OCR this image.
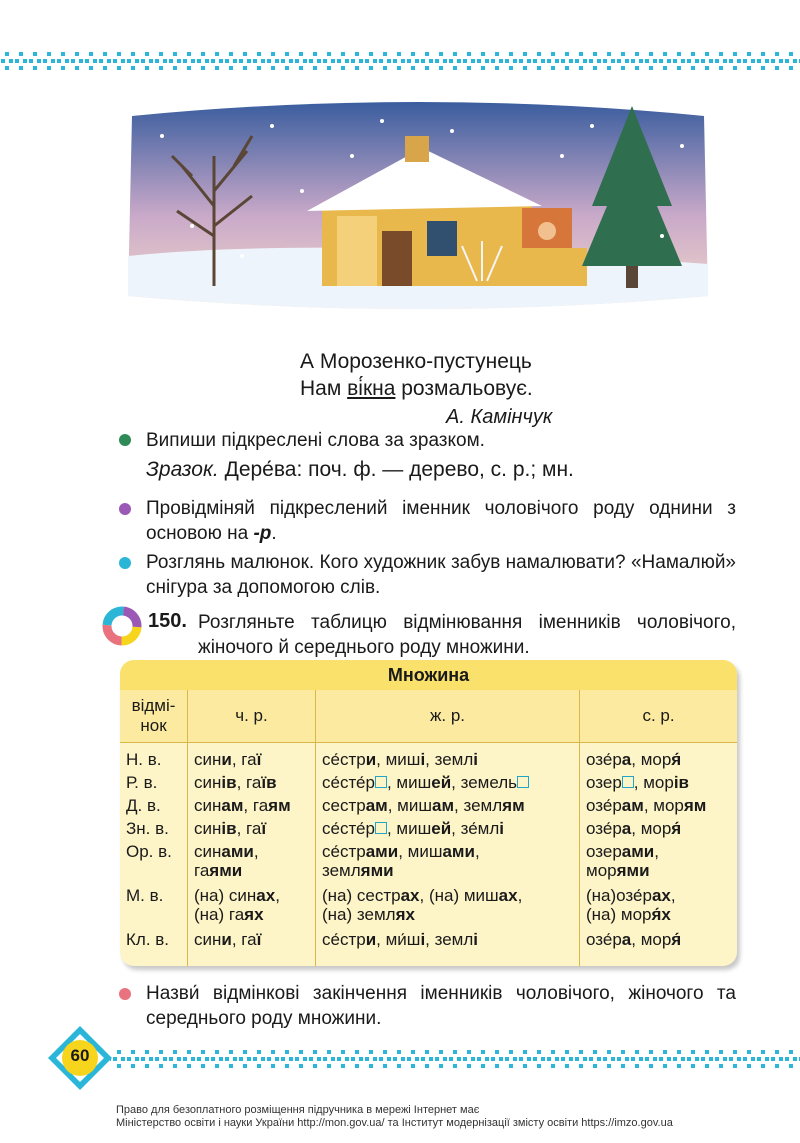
А Морозенко-пустунець
Нам ві́кна розмальовує.
А. Камінчук
Випиши підкреслені слова за зразком.
Зразок. Дере́ва: поч. ф. — дерево, с. р.; мн.
Провідміняй підкреслений іменник чоловічого роду однини з основою на -р.
Розглянь малюнок. Кого художник забув намалювати? «Намалюй» снігура за допомогою слів.
150. Розгляньте таблицю відмінювання іменників чоловічого, жіночого й середнього роду множини.
Множина
відмі-
нок
ч. р.	ж. р.	с. р.
Н. в.
Р. в.
Д. в.
Зн. в.
Ор. в.
М. в.
Кл. в.
сини, гаї
синів, гаїв
синам, гаям
синів, гаї
синами,
гаями
(на) синах,
(на) гаях
сини, гаї
се́стри, миші, землі
се́сте́р , мишей, земель
сестрам, мишам, землям
се́сте́р , мишей, зе́млі
се́страми, мишами,
землями
(на) сестрах, (на) мишах,
(на) землях
се́стри, ми́ші, землі
озе́ра, моря́
озер , морів
озе́рам, морям
озе́ра, моря́
озерами,
морями
(на)озе́рах,
(на) моря́х
озе́ра, моря́
Назви́ відмінкові закінчення іменників чоловічого, жіночого та середнього роду множини.
60
Право для безоплатного розміщення підручника в мережі Інтернет має
Міністерство освіти і науки України http://mon.gov.ua/ та Інститут модернізації змісту освіти https://imzo.gov.ua
